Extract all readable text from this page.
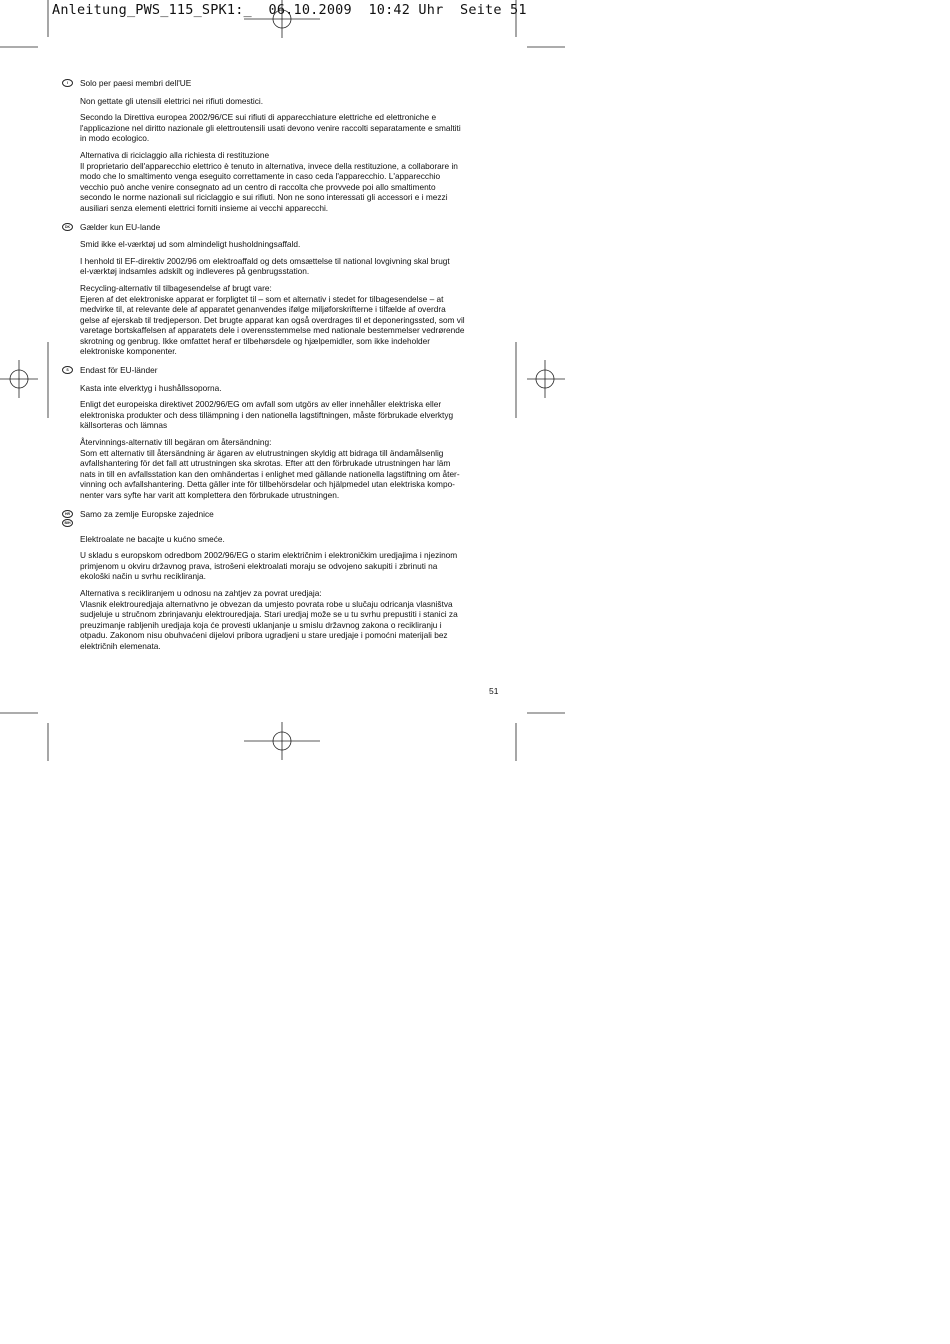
Anleitung_PWS_115_SPK1:_  06.10.2009  10:42 Uhr  Seite 51
I	Solo per paesi membri dell'UE
Non gettate gli utensili elettrici nei rifiuti domestici.
Secondo la Direttiva europea 2002/96/CE sui rifiuti di apparecchiature elettriche ed elettroniche e
l'applicazione nel diritto nazionale gli elettroutensili usati devono venire raccolti separatamente e smaltiti
in modo ecologico.
Alternativa di riciclaggio alla richiesta di restituzione
Il proprietario dell'apparecchio elettrico è tenuto in alternativa, invece della restituzione, a collaborare in
modo che lo smaltimento venga eseguito correttamente in caso ceda l'apparecchio. L'apparecchio
vecchio può anche venire consegnato ad un centro di raccolta che provvede poi allo smaltimento
secondo le norme nazionali sul riciclaggio e sui rifiuti. Non ne sono interessati gli accessori e i mezzi
ausiliari senza elementi elettrici forniti insieme ai vecchi apparecchi.
DK	Gælder kun EU-lande
Smid ikke el-værktøj ud som almindeligt husholdningsaffald.
I henhold til EF-direktiv 2002/96 om elektroaffald og dets omsættelse til national lovgivning skal brugt
el-værktøj indsamles adskilt og indleveres på genbrugsstation.
Recycling-alternativ til tilbagesendelse af brugt vare:
Ejeren af det elektroniske apparat er forpligtet til – som et alternativ i stedet for tilbagesendelse – at
medvirke til, at relevante dele af apparatet genanvendes ifølge miljøforskrifterne i tilfælde af overdra
gelse af ejerskab til tredjeperson. Det brugte apparat kan også overdrages til et deponeringssted, som vil
varetage bortskaffelsen af apparatets dele i overensstemmelse med nationale bestemmelser vedrørende
skrotning og genbrug. Ikke omfattet heraf er tilbehørsdele og hjælpemidler, som ikke indeholder
elektroniske komponenter.
S	Endast för EU-länder
Kasta inte elverktyg i hushållssoporna.
Enligt det europeiska direktivet 2002/96/EG om avfall som utgörs av eller innehåller elektriska eller
elektroniska produkter och dess tillämpning i den nationella lagstiftningen, måste förbrukade elverktyg
källsorteras och lämnas
Återvinnings-alternativ till begäran om återsändning:
Som ett alternativ till återsändning är ägaren av elutrustningen skyldig att bidraga till ändamålsenlig
avfallshantering för det fall att utrustningen ska skrotas. Efter att den förbrukade utrustningen har läm
nats in till en avfallsstation kan den omhändertas i enlighet med gällande nationella lagstiftning om åter-
vinning och avfallshantering. Detta gäller inte för tillbehörsdelar och hjälpmedel utan elektriska kompo-
nenter vars syfte har varit att komplettera den förbrukade utrustningen.
HR
BIH
Samo za zemlje Europske zajednice
Elektroalate ne bacajte u kućno smeće.
U skladu s europskom odredbom 2002/96/EG o starim električnim i elektroničkim uredjajima i njezinom
primjenom u okviru državnog prava, istrošeni elektroalati moraju se odvojeno sakupiti i zbrinuti na
ekološki način u svrhu recikliranja.
Alternativa s recikliranjem u odnosu na zahtjev za povrat uredjaja:
Vlasnik elektrouredjaja alternativno je obvezan da umjesto povrata robe u slučaju odricanja vlasništva
sudjeluje u stručnom zbrinjavanju elektrouredjaja. Stari uredjaj može se u tu svrhu prepustiti i stanici za
preuzimanje rabljenih uredjaja koja će provesti uklanjanje u smislu državnog zakona o recikliranju i
otpadu. Zakonom nisu obuhvaćeni dijelovi pribora ugradjeni u stare uredjaje i pomoćni materijali bez
električnih elemenata.
51
